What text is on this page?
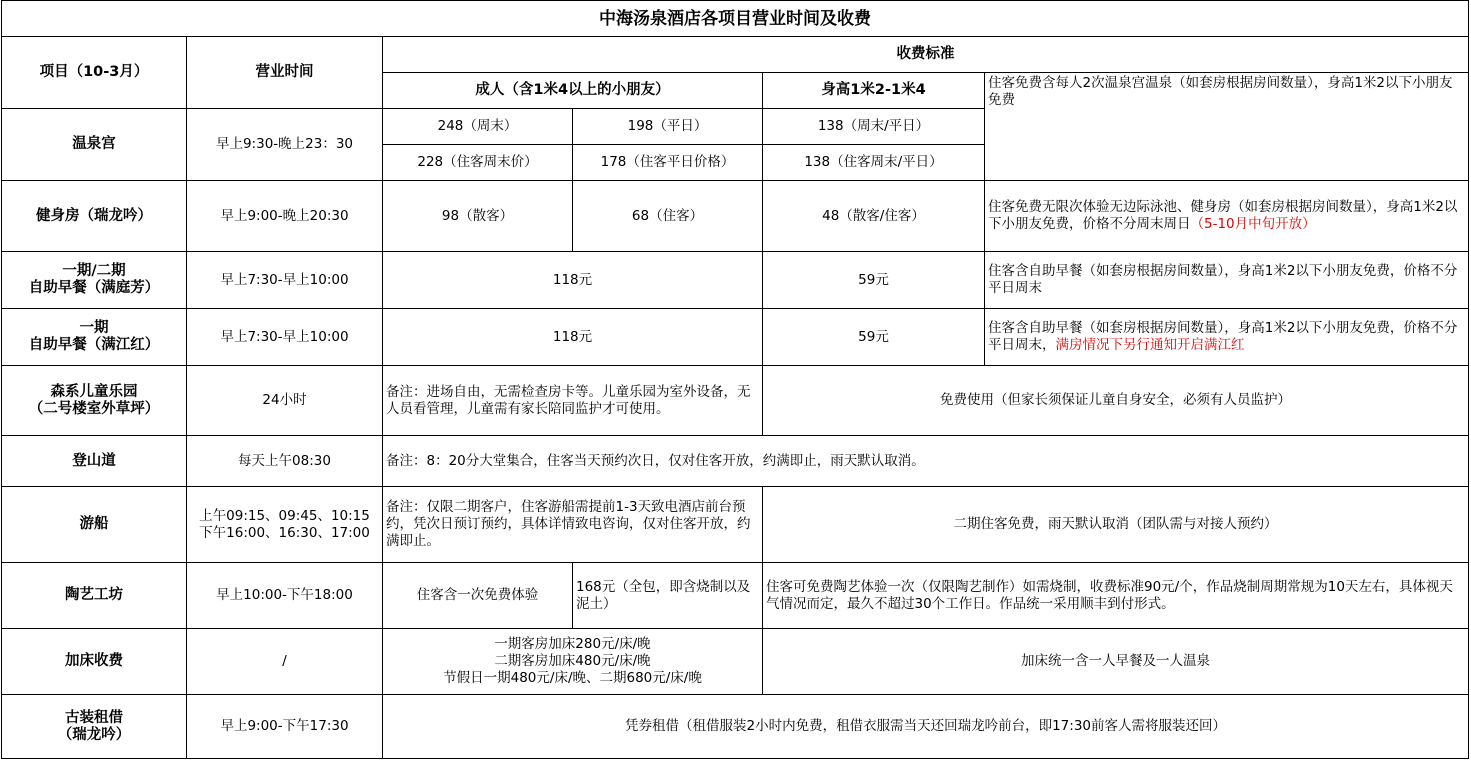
中海汤泉酒店各项目营业时间及收费					
项目（10-3月）	营业时间	收费标准			
		成人（含1米4以上的小朋友）		身高1米2-1米4	住客免费含每人2次温泉宫温泉（如套房根据房间数量），身高1米2以下小朋友免费
温泉宫	早上9:30-晚上23：30	248（周末）	198（平日）	138（周末/平日）	
		228（住客周末价）	178（住客平日价格）	138（住客周末/平日）	
健身房（瑞龙吟）	早上9:00-晚上20:30	98（散客）	68（住客）	48（散客/住客）	住客免费无限次体验无边际泳池、健身房（如套房根据房间数量），身高1米2以下小朋友免费，价格不分周末周日（5-10月中旬开放）

一期/二期
自助早餐（满庭芳）	早上7:30-早上10:00	118元		59元	住客含自助早餐（如套房根据房间数量），身高1米2以下小朋友免费，价格不分平日周末

一期
自助早餐（满江红）	早上7:30-早上10:00	118元		59元	住客含自助早餐（如套房根据房间数量），身高1米2以下小朋友免费，价格不分平日周末，满房情况下另行通知开启满江红

森系儿童乐园
（二号楼室外草坪）	24小时	备注：进场自由，无需检查房卡等。儿童乐园为室外设备，无人员看管理，儿童需有家长陪同监护才可使用。		免费使用（但家长须保证儿童自身安全，必须有人员监护）	
登山道	每天上午08:30	备注：8：20分大堂集合，住客当天预约次日，仅对住客开放，约满即止，雨天默认取消。			
游船	上午09:15、09:45、10:15
下午16:00、16:30、17:00	备注：仅限二期客户，住客游船需提前1-3天致电酒店前台预约，凭次日预订预约，具体详情致电咨询，仅对住客开放，约满即止。		二期住客免费，雨天默认取消（团队需与对接人预约）	
陶艺工坊	早上10:00-下午18:00	住客含一次免费体验	168元（全包，即含烧制以及泥土）	住客可免费陶艺体验一次（仅限陶艺制作）如需烧制，收费标准90元/个，作品烧制周期常规为10天左右，具体视天气情况而定，最久不超过30个工作日。作品统一采用顺丰到付形式。	
加床收费	/	一期客房加床280元/床/晚
二期客房加床480元/床/晚
节假日一期480元/床/晚、二期680元/床/晚		加床统一含一人早餐及一人温泉	

古装租借
（瑞龙吟）	早上9:00-下午17:30	凭券租借（租借服装2小时内免费，租借衣服需当天还回瑞龙吟前台，即17:30前客人需将服装还回）			
